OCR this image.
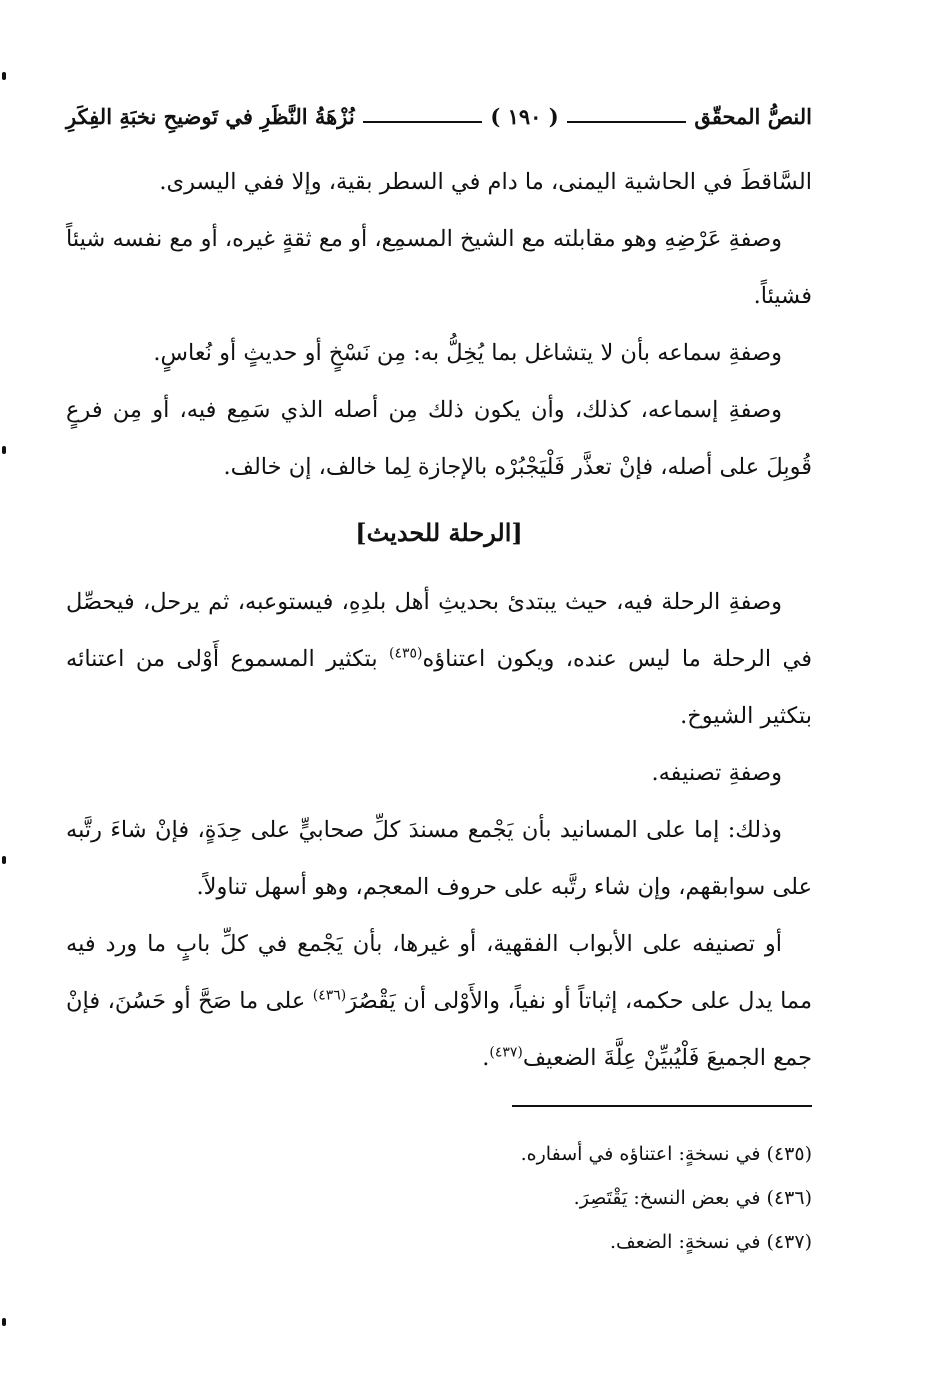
النصُّ المحقّق
( ١٩٠ )
نُزْهَةُ النَّظَرِ في تَوضيحِ نخبَةِ الفِكَرِ

السَّاقطَ في الحاشية اليمنى، ما دام في السطر بقية، وإلا ففي اليسرى.

وصفةِ عَرْضِهِ وهو مقابلته مع الشيخ المسمِع، أو مع ثقةٍ غيره، أو مع نفسه شيئاً فشيئاً.

وصفةِ سماعه بأن لا يتشاغل بما يُخِلُّ به: مِن نَسْخٍ أو حديثٍ أو نُعاسٍ.

وصفةِ إسماعه، كذلك، وأن يكون ذلك مِن أصله الذي سَمِع فيه، أو مِن فرعٍ قُوبِلَ على أصله، فإنْ تعذَّر فَلْيَجْبُرْه بالإجازة لِما خالف، إن خالف.

[الرحلة للحديث]

وصفةِ الرحلة فيه، حيث يبتدئ بحديثِ أهل بلدِهِ، فيستوعبه، ثم يرحل، فيحصِّل في الرحلة ما ليس عنده، ويكون اعتناؤه$^{(٤٣٥)}$ بتكثير المسموع أَوْلى من اعتنائه بتكثير الشيوخ.

وصفةِ تصنيفه.

وذلك: إما على المسانيد بأن يَجْمع مسندَ كلِّ صحابيٍّ على حِدَةٍ، فإنْ شاءَ رتَّبه على سوابقهم، وإن شاء رتَّبه على حروف المعجم، وهو أسهل تناولاً.

أو تصنيفه على الأبواب الفقهية، أو غيرها، بأن يَجْمع في كلِّ بابٍ ما ورد فيه مما يدل على حكمه، إثباتاً أو نفياً، والأَوْلى أن يَقْصُرَ$^{(٤٣٦)}$ على ما صَحَّ أو حَسُنَ، فإنْ جمع الجميعَ فَلْيُبيِّنْ عِلَّةَ الضعيف$^{(٤٣٧)}$.

(٤٣٥) في نسخةٍ: اعتناؤه في أسفاره.

(٤٣٦) في بعض النسخ: يَقْتَصِرَ.

(٤٣٧) في نسخةٍ: الضعف.
